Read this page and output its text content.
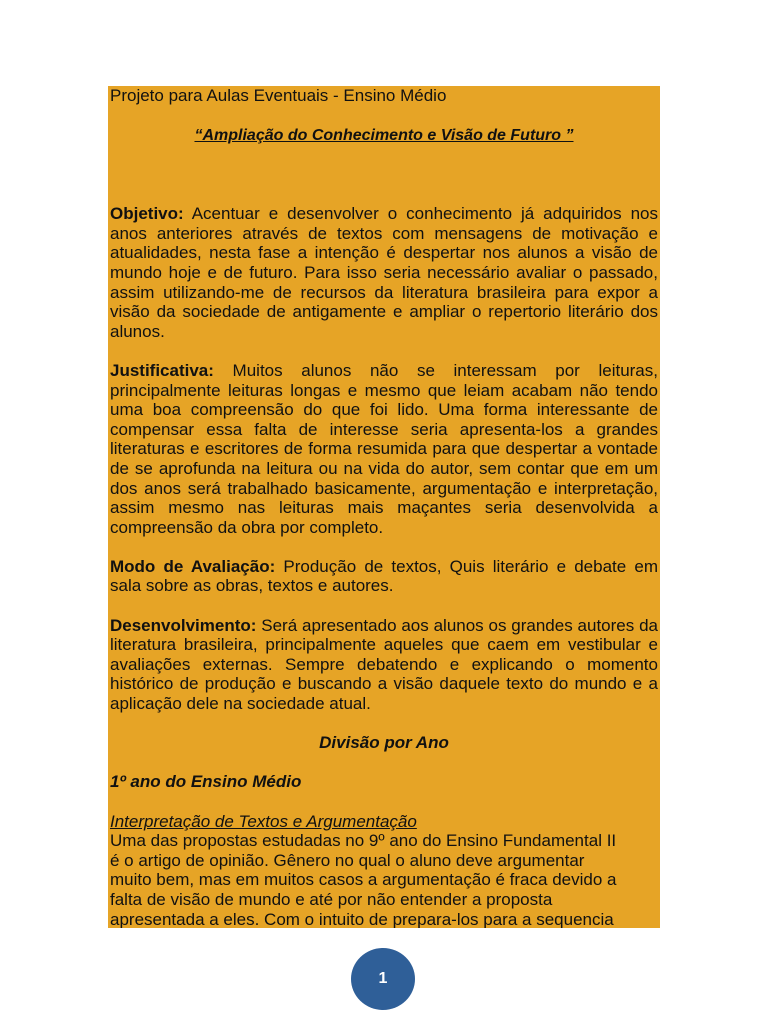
Projeto para Aulas Eventuais - Ensino Médio

“Ampliação do Conhecimento e Visão de Futuro ”

Objetivo: Acentuar e desenvolver o conhecimento já adquiridos nos anos anteriores através de textos com mensagens de motivação e atualidades, nesta fase a intenção é despertar nos alunos a visão de mundo hoje e de futuro. Para isso seria necessário avaliar o passado, assim utilizando-me de recursos da literatura brasileira para expor a visão da sociedade de antigamente e ampliar o repertorio literário dos alunos.

Justificativa: Muitos alunos não se interessam por leituras, principalmente leituras longas e mesmo que leiam acabam não tendo uma boa compreensão do que foi lido. Uma forma interessante de compensar essa falta de interesse seria apresenta-los a grandes literaturas e escritores de forma resumida para que despertar a vontade de se aprofunda na leitura ou na vida do autor, sem contar que em um dos anos será trabalhado basicamente, argumentação e interpretação, assim mesmo nas leituras mais maçantes seria desenvolvida a compreensão da obra por completo.

Modo de Avaliação: Produção de textos, Quis literário e debate em sala sobre as obras, textos e autores.

Desenvolvimento: Será apresentado aos alunos os grandes autores da literatura brasileira, principalmente aqueles que caem em vestibular e avaliações externas. Sempre debatendo e explicando o momento histórico de produção e buscando a visão daquele texto do mundo e a aplicação dele na sociedade atual.

Divisão por Ano

1º ano do Ensino Médio

Interpretação de Textos e Argumentação

Uma das propostas estudadas no 9º ano do Ensino Fundamental II

é o artigo de opinião. Gênero no qual o aluno deve argumentar

muito bem, mas em muitos casos a argumentação é fraca devido a

falta de visão de mundo e até por não entender a proposta

apresentada a eles. Com o intuito de prepara-los para a sequencia

1
